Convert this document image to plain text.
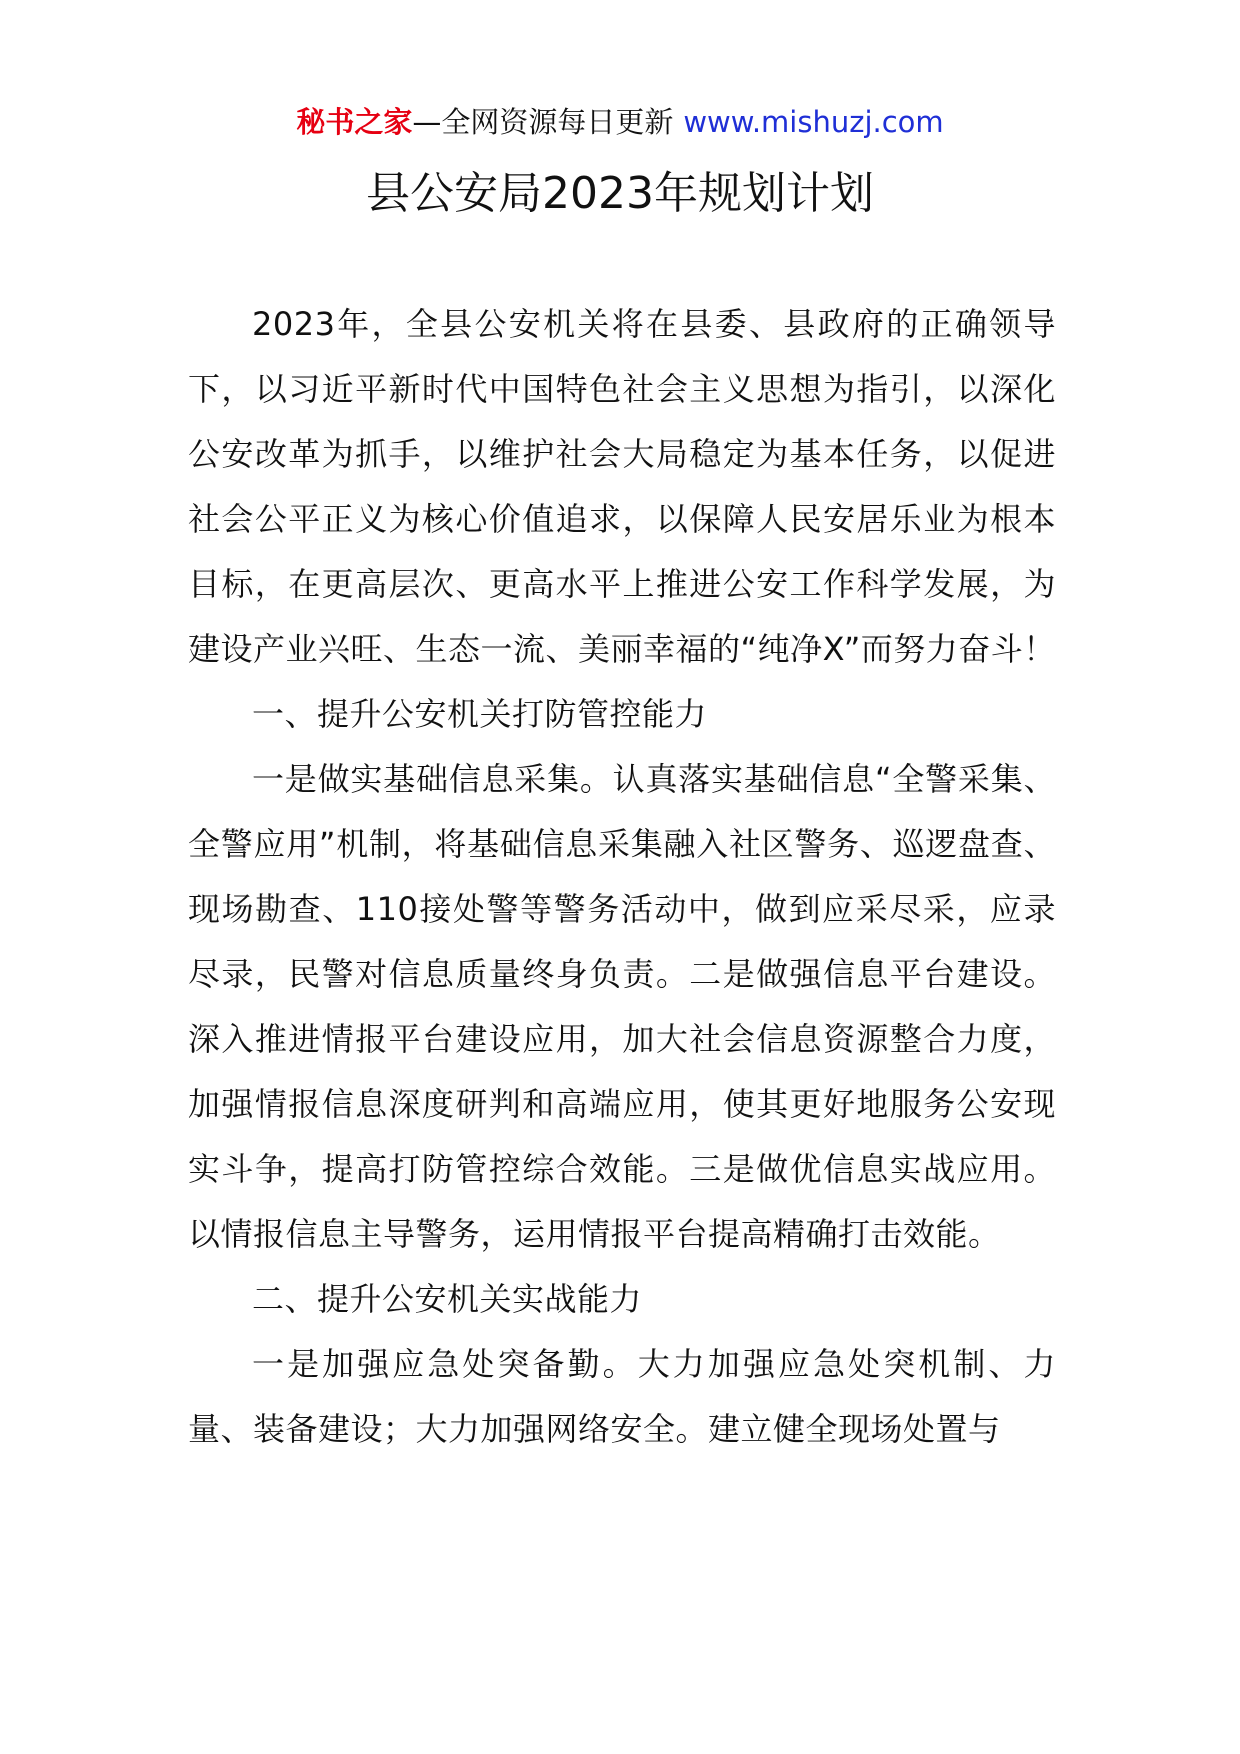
秘书之家—全网资源每日更新 www.mishuzj.com
县公安局2023年规划计划

2023年，全县公安机关将在县委、县政府的正确领导下，以习近平新时代中国特色社会主义思想为指引，以深化公安改革为抓手，以维护社会大局稳定为基本任务，以促进社会公平正义为核心价值追求，以保障人民安居乐业为根本目标，在更高层次、更高水平上推进公安工作科学发展，为建设产业兴旺、生态一流、美丽幸福的“纯净X”而努力奋斗！

一、提升公安机关打防管控能力

一是做实基础信息采集。认真落实基础信息“全警采集、全警应用”机制，将基础信息采集融入社区警务、巡逻盘查、现场勘查、110接处警等警务活动中，做到应采尽采，应录尽录，民警对信息质量终身负责。二是做强信息平台建设。深入推进情报平台建设应用，加大社会信息资源整合力度，加强情报信息深度研判和高端应用，使其更好地服务公安现实斗争，提高打防管控综合效能。三是做优信息实战应用。以情报信息主导警务，运用情报平台提高精确打击效能。

二、提升公安机关实战能力

一是加强应急处突备勤。大力加强应急处突机制、力量、装备建设；大力加强网络安全。建立健全现场处置与
